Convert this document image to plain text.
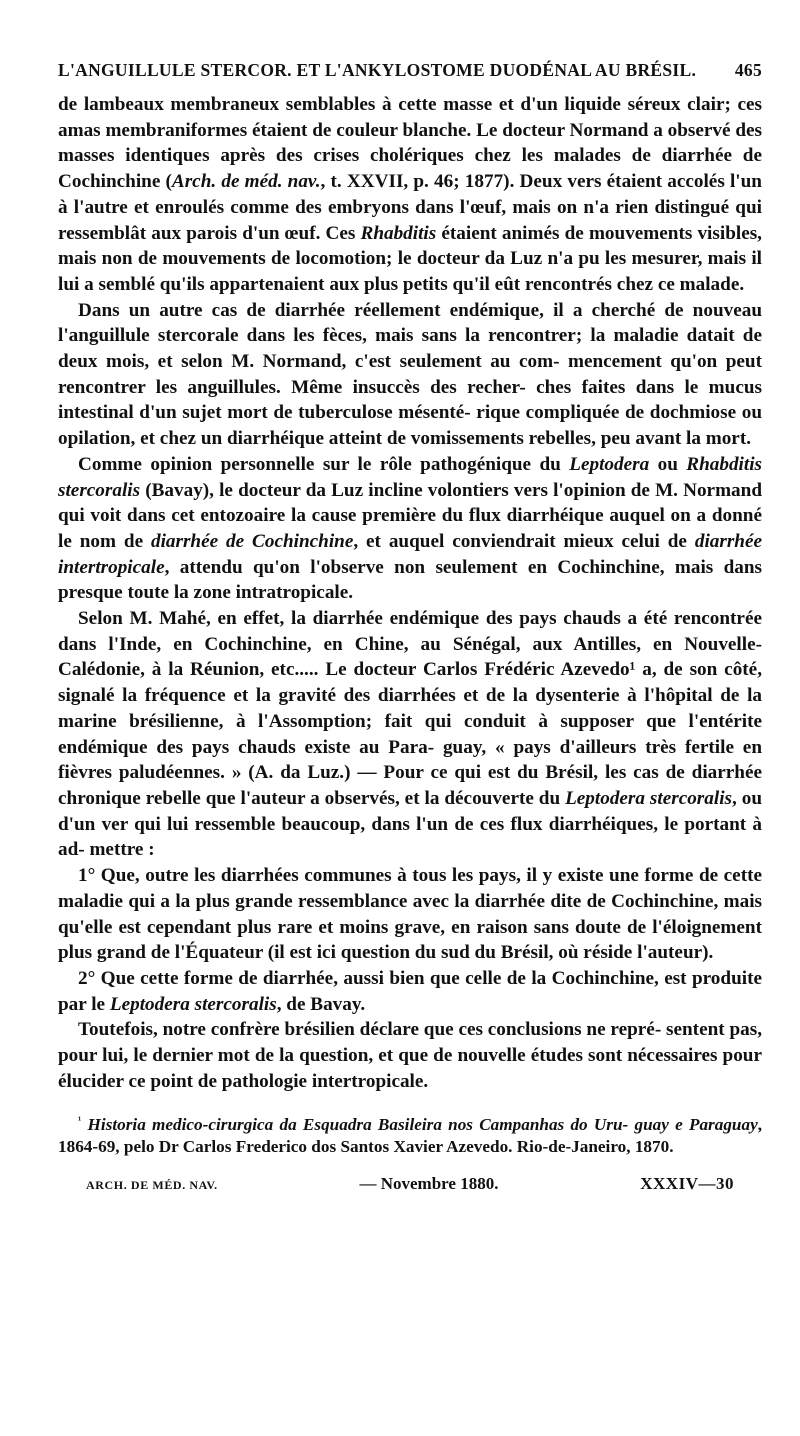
L'ANGUILLULE STERCOR. ET L'ANKYLOSTOME DUODÉNAL AU BRÉSIL. 465

de lambeaux membraneux semblables à cette masse et d'un liquide séreux clair; ces amas membraniformes étaient de couleur blanche. Le docteur Normand a observé des masses identiques après des crises cholériques chez les malades de diarrhée de Cochinchine (Arch. de méd. nav., t. XXVII, p. 46; 1877). Deux vers étaient accolés l'un à l'autre et enroulés comme des embryons dans l'œuf, mais on n'a rien distingué qui ressemblât aux parois d'un œuf. Ces Rhabditis étaient animés de mouvements visibles, mais non de mouvements de locomotion; le docteur da Luz n'a pu les mesurer, mais il lui a semblé qu'ils appartenaient aux plus petits qu'il eût rencontrés chez ce malade.

Dans un autre cas de diarrhée réellement endémique, il a cherché de nouveau l'anguillule stercorale dans les fèces, mais sans la rencontrer; la maladie datait de deux mois, et selon M. Normand, c'est seulement au com- mencement qu'on peut rencontrer les anguillules. Même insuccès des recher- ches faites dans le mucus intestinal d'un sujet mort de tuberculose mésenté- rique compliquée de dochmiose ou opilation, et chez un diarrhéique atteint de vomissements rebelles, peu avant la mort.

Comme opinion personnelle sur le rôle pathogénique du Leptodera ou Rhabditis stercoralis (Bavay), le docteur da Luz incline volontiers vers l'opinion de M. Normand qui voit dans cet entozoaire la cause première du flux diarrhéique auquel on a donné le nom de diarrhée de Cochinchine, et auquel conviendrait mieux celui de diarrhée intertropicale, attendu qu'on l'observe non seulement en Cochinchine, mais dans presque toute la zone intratropicale.

Selon M. Mahé, en effet, la diarrhée endémique des pays chauds a été rencontrée dans l'Inde, en Cochinchine, en Chine, au Sénégal, aux Antilles, en Nouvelle-Calédonie, à la Réunion, etc..... Le docteur Carlos Frédéric Azevedo¹ a, de son côté, signalé la fréquence et la gravité des diarrhées et de la dysenterie à l'hôpital de la marine brésilienne, à l'Assomption; fait qui conduit à supposer que l'entérite endémique des pays chauds existe au Para- guay, « pays d'ailleurs très fertile en fièvres paludéennes. » (A. da Luz.) — Pour ce qui est du Brésil, les cas de diarrhée chronique rebelle que l'auteur a observés, et la découverte du Leptodera stercoralis, ou d'un ver qui lui ressemble beaucoup, dans l'un de ces flux diarrhéiques, le portant à ad- mettre :

1° Que, outre les diarrhées communes à tous les pays, il y existe une forme de cette maladie qui a la plus grande ressemblance avec la diarrhée dite de Cochinchine, mais qu'elle est cependant plus rare et moins grave, en raison sans doute de l'éloignement plus grand de l'Équateur (il est ici question du sud du Brésil, où réside l'auteur).

2° Que cette forme de diarrhée, aussi bien que celle de la Cochinchine, est produite par le Leptodera stercoralis, de Bavay.

Toutefois, notre confrère brésilien déclare que ces conclusions ne repré- sentent pas, pour lui, le dernier mot de la question, et que de nouvelle études sont nécessaires pour élucider ce point de pathologie intertropicale.

$^{^1}$ Historia medico-cirurgica da Esquadra Basileira nos Campanhas do Uru- guay e Paraguay, 1864-69, pelo Dr Carlos Frederico dos Santos Xavier Azevedo. Rio-de-Janeiro, 1870.
ARCH. DE MÉD. NAV.	— Novembre 1880.	XXXIV—30
